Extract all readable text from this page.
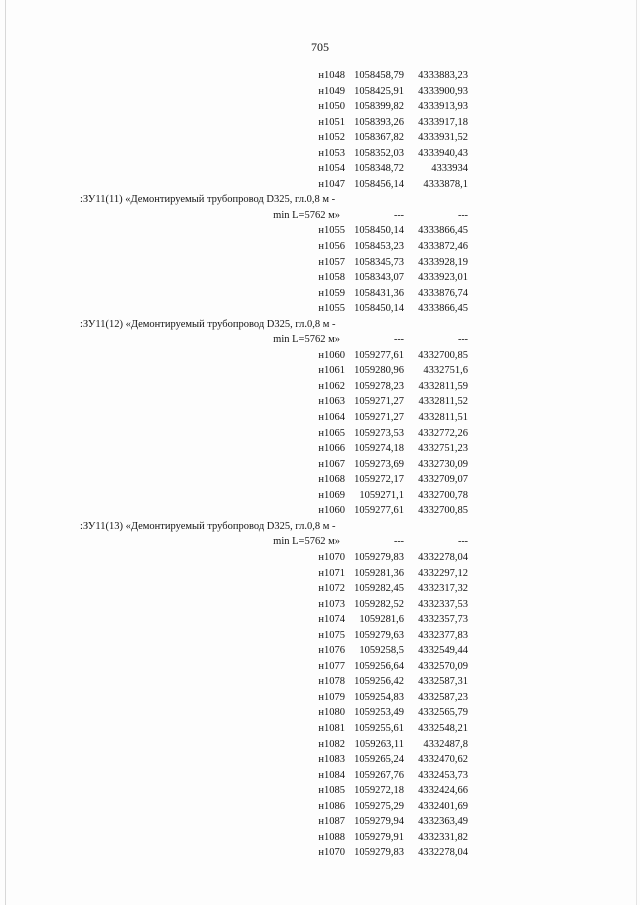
705
н1048 1058458,79 4333883,23
н1049 1058425,91 4333900,93
н1050 1058399,82 4333913,93
н1051 1058393,26 4333917,18
н1052 1058367,82 4333931,52
н1053 1058352,03 4333940,43
н1054 1058348,72	4333934
н1047 1058456,14 4333878,1
:ЗУ11(11) «Демонтируемый трубопровод D325, гл.0,8 м -
min L=5762 м»	---	---
н1055 1058450,14 4333866,45
н1056 1058453,23 4333872,46
н1057 1058345,73 4333928,19
н1058 1058343,07 4333923,01
н1059 1058431,36 4333876,74
н1055 1058450,14 4333866,45
:ЗУ11(12) «Демонтируемый трубопровод D325, гл.0,8 м -
min L=5762 м»	---	---
н1060 1059277,61 4332700,85
н1061 1059280,96 4332751,6
н1062 1059278,23 4332811,59
н1063 1059271,27 4332811,52
н1064 1059271,27 4332811,51
н1065 1059273,53 4332772,26
н1066 1059274,18 4332751,23
н1067 1059273,69 4332730,09
н1068 1059272,17 4332709,07
н1069 1059271,1 4332700,78
н1060 1059277,61 4332700,85
:ЗУ11(13) «Демонтируемый трубопровод D325, гл.0,8 м -
min L=5762 м»	---	---
н1070 1059279,83 4332278,04
н1071 1059281,36 4332297,12
н1072 1059282,45 4332317,32
н1073 1059282,52 4332337,53
н1074 1059281,6 4332357,73
н1075 1059279,63 4332377,83
н1076 1059258,5 4332549,44
н1077 1059256,64 4332570,09
н1078 1059256,42 4332587,31
н1079 1059254,83 4332587,23
н1080 1059253,49 4332565,79
н1081 1059255,61 4332548,21
н1082 1059263,11 4332487,8
н1083 1059265,24 4332470,62
н1084 1059267,76 4332453,73
н1085 1059272,18 4332424,66
н1086 1059275,29 4332401,69
н1087 1059279,94 4332363,49
н1088 1059279,91 4332331,82
н1070 1059279,83 4332278,04
